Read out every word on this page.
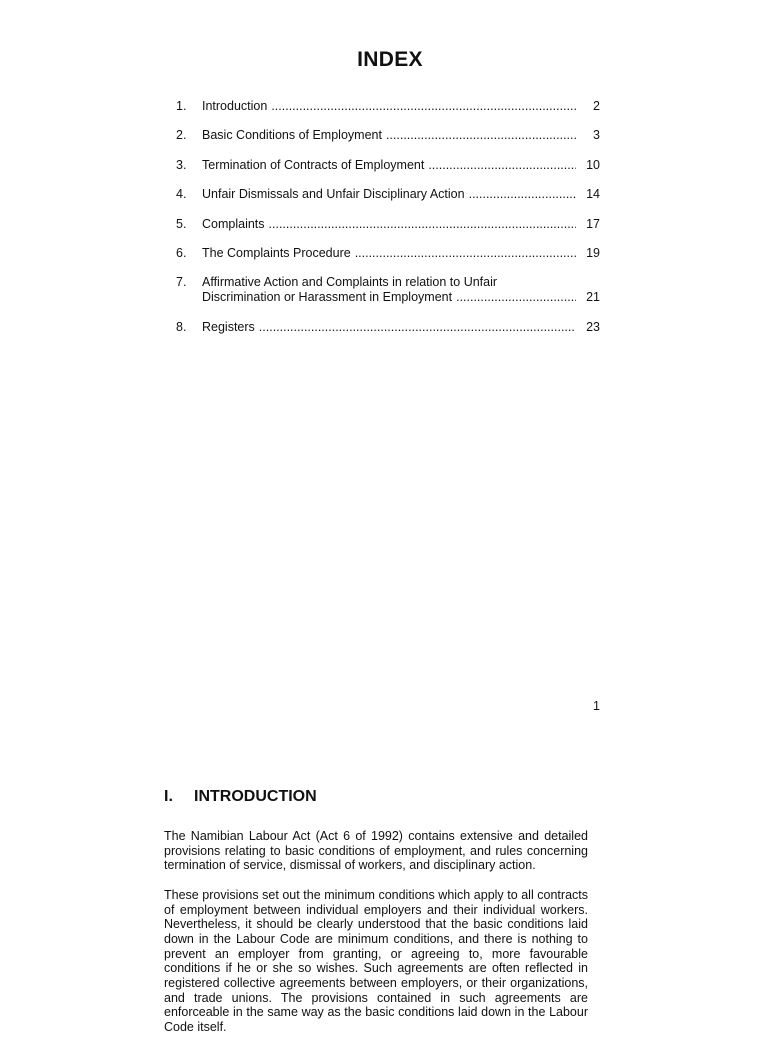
INDEX
1.	Introduction .....	2
2.	Basic Conditions of Employment .....	3
3.	Termination of Contracts of Employment .....	10
4.	Unfair Dismissals and Unfair Disciplinary Action .....	14
5.	Complaints .....	17
6.	The Complaints Procedure .....	19
7.	Affirmative Action and Complaints in relation to Unfair
Discrimination or Harassment in Employment .....	21
8.	Registers .....	23
1
I. INTRODUCTION

The Namibian Labour Act (Act 6 of 1992) contains extensive and detailed provisions relating to basic conditions of employment, and rules concerning termination of service, dismissal of workers, and disciplinary action.

These provisions set out the minimum conditions which apply to all contracts of employment between individual employers and their individual workers. Nevertheless, it should be clearly understood that the basic conditions laid down in the Labour Code are minimum conditions, and there is nothing to prevent an employer from granting, or agreeing to, more favourable conditions if he or she so wishes. Such agreements are often reflected in registered collective agreements between employers, or their organizations, and trade unions. The provisions contained in such agreements are enforceable in the same way as the basic conditions laid down in the Labour Code itself.
